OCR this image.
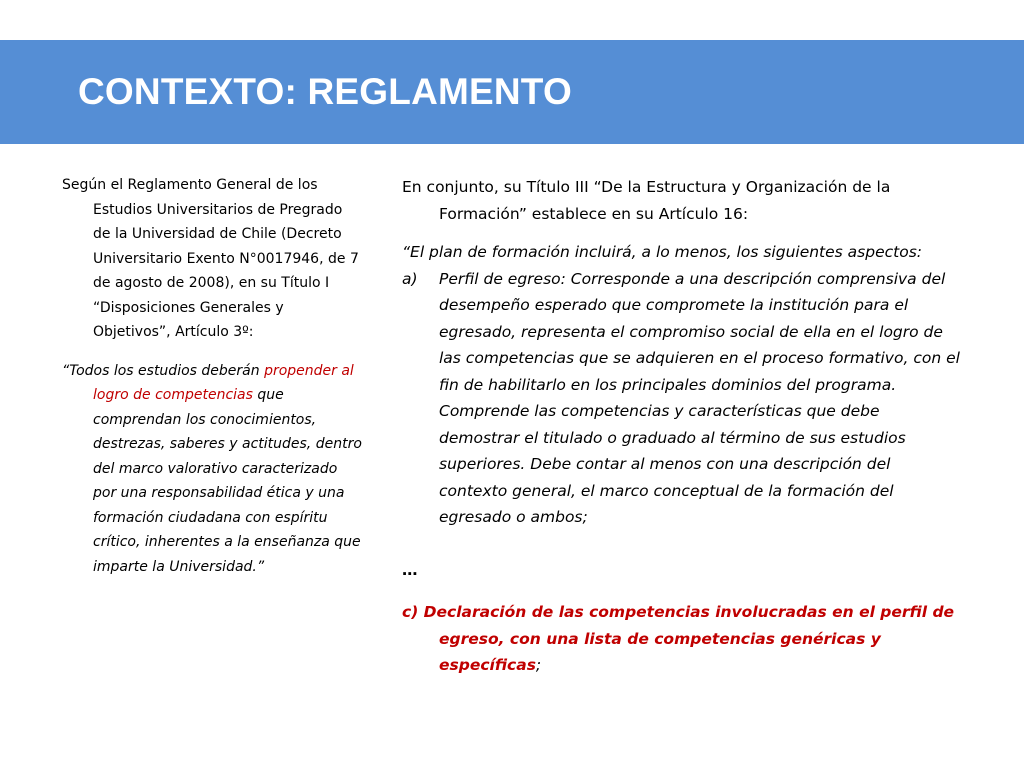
CONTEXTO: REGLAMENTO

Según el Reglamento General de los Estudios Universitarios de Pregrado de la Universidad de Chile (Decreto Universitario Exento N°0017946, de 7 de agosto de 2008), en su Título I “Disposiciones Generales y Objetivos”, Artículo 3º:

“Todos los estudios deberán propender al logro de competencias que comprendan los conocimientos, destrezas, saberes y actitudes, dentro del marco valorativo caracterizado por una responsabilidad ética y una formación ciudadana con espíritu crítico, inherentes a la enseñanza que imparte la Universidad.”

En conjunto, su Título III “De la Estructura y Organización de la Formación” establece en su Artículo 16:

“El plan de formación incluirá, a lo menos, los siguientes aspectos:

a) Perfil de egreso: Corresponde a una descripción comprensiva del desempeño esperado que compromete la institución para el egresado, representa el compromiso social de ella en el logro de las competencias que se adquieren en el proceso formativo, con el fin de habilitarlo en los principales dominios del programa. Comprende las competencias y características que debe demostrar el titulado o graduado al término de sus estudios superiores. Debe contar al menos con una descripción del contexto general, el marco conceptual de la formación del egresado o ambos;

…

c) Declaración de las competencias involucradas en el perfil de egreso, con una lista de competencias genéricas y específicas;
